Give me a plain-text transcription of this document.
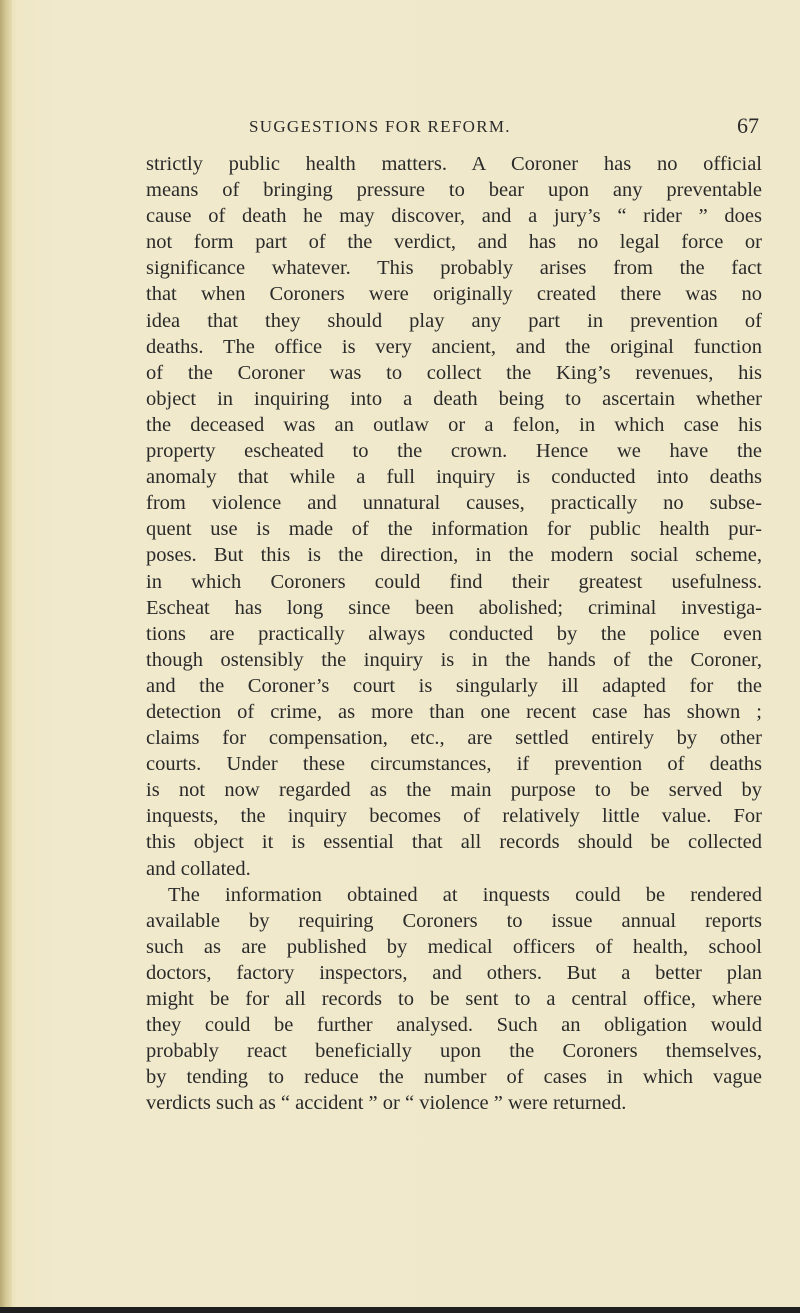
SUGGESTIONS FOR REFORM.	67
strictly public health matters. A Coroner has no official
means of bringing pressure to bear upon any preventable
cause of death he may discover, and a jury’s “ rider ” does
not form part of the verdict, and has no legal force or
significance whatever. This probably arises from the fact
that when Coroners were originally created there was no
idea that they should play any part in prevention of
deaths. The office is very ancient, and the original function
of the Coroner was to collect the King’s revenues, his
object in inquiring into a death being to ascertain whether
the deceased was an outlaw or a felon, in which case his
property escheated to the crown. Hence we have the
anomaly that while a full inquiry is conducted into deaths
from violence and unnatural causes, practically no subse-
quent use is made of the information for public health pur-
poses. But this is the direction, in the modern social scheme,
in which Coroners could find their greatest usefulness.
Escheat has long since been abolished; criminal investiga-
tions are practically always conducted by the police even
though ostensibly the inquiry is in the hands of the Coroner,
and the Coroner’s court is singularly ill adapted for the
detection of crime, as more than one recent case has shown ;
claims for compensation, etc., are settled entirely by other
courts. Under these circumstances, if prevention of deaths
is not now regarded as the main purpose to be served by
inquests, the inquiry becomes of relatively little value. For
this object it is essential that all records should be collected
and collated.
The information obtained at inquests could be rendered
available by requiring Coroners to issue annual reports
such as are published by medical officers of health, school
doctors, factory inspectors, and others. But a better plan
might be for all records to be sent to a central office, where
they could be further analysed. Such an obligation would
probably react beneficially upon the Coroners themselves,
by tending to reduce the number of cases in which vague
verdicts such as “ accident ” or “ violence ” were returned.
